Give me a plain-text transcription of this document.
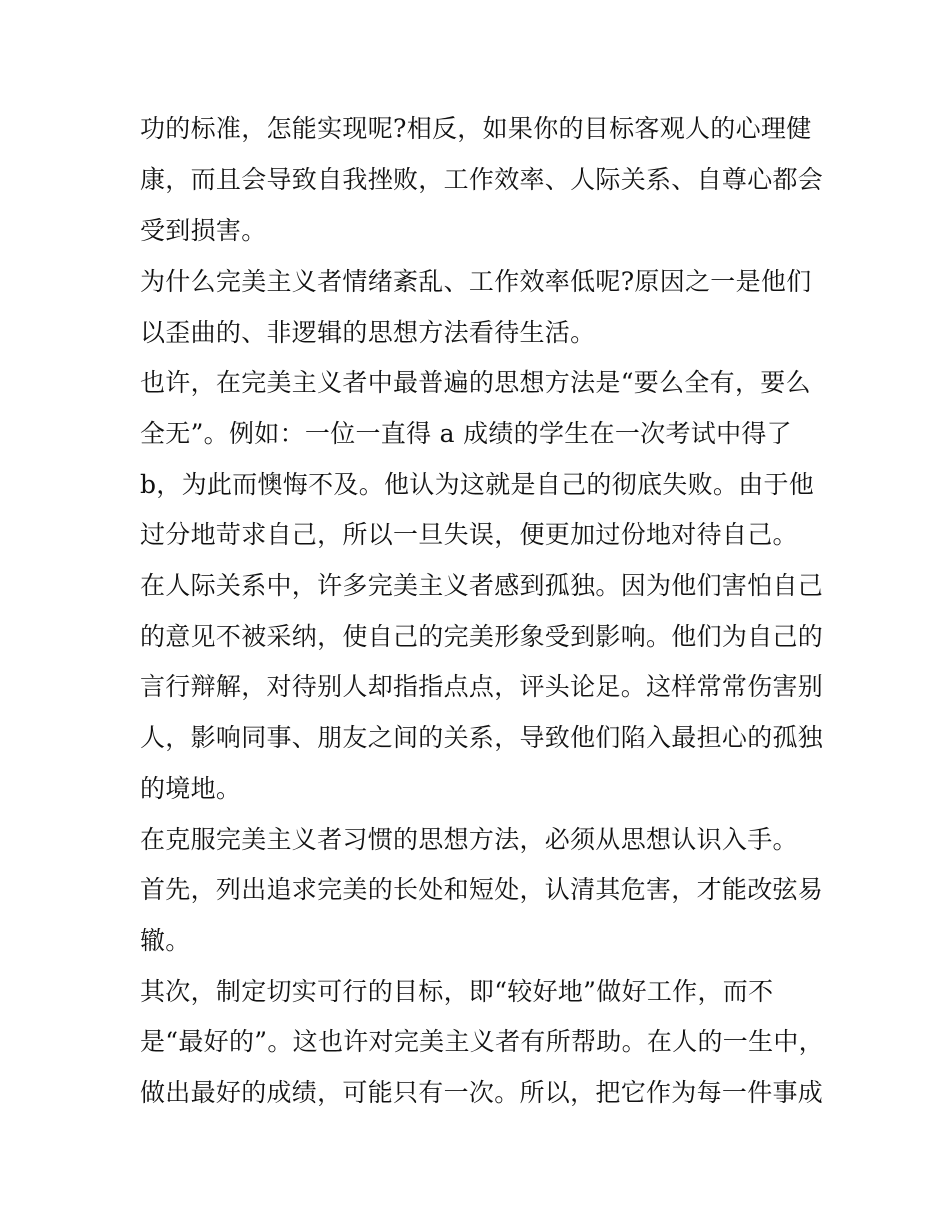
功的标准，怎能实现呢?相反，如果你的目标客观人的心理健
康，而且会导致自我挫败，工作效率、人际关系、自尊心都会
受到损害。
为什么完美主义者情绪紊乱、工作效率低呢?原因之一是他们
以歪曲的、非逻辑的思想方法看待生活。
也许，在完美主义者中最普遍的思想方法是“要么全有，要么
全无”。例如：一位一直得 a 成绩的学生在一次考试中得了
b，为此而懊悔不及。他认为这就是自己的彻底失败。由于他
过分地苛求自己，所以一旦失误，便更加过份地对待自己。
在人际关系中，许多完美主义者感到孤独。因为他们害怕自己
的意见不被采纳，使自己的完美形象受到影响。他们为自己的
言行辩解，对待别人却指指点点，评头论足。这样常常伤害别
人，影响同事、朋友之间的关系，导致他们陷入最担心的孤独
的境地。
在克服完美主义者习惯的思想方法，必须从思想认识入手。
首先，列出追求完美的长处和短处，认清其危害，才能改弦易
辙。
其次，制定切实可行的目标，即“较好地”做好工作，而不
是“最好的”。这也许对完美主义者有所帮助。在人的一生中，
做出最好的成绩，可能只有一次。所以，把它作为每一件事成
